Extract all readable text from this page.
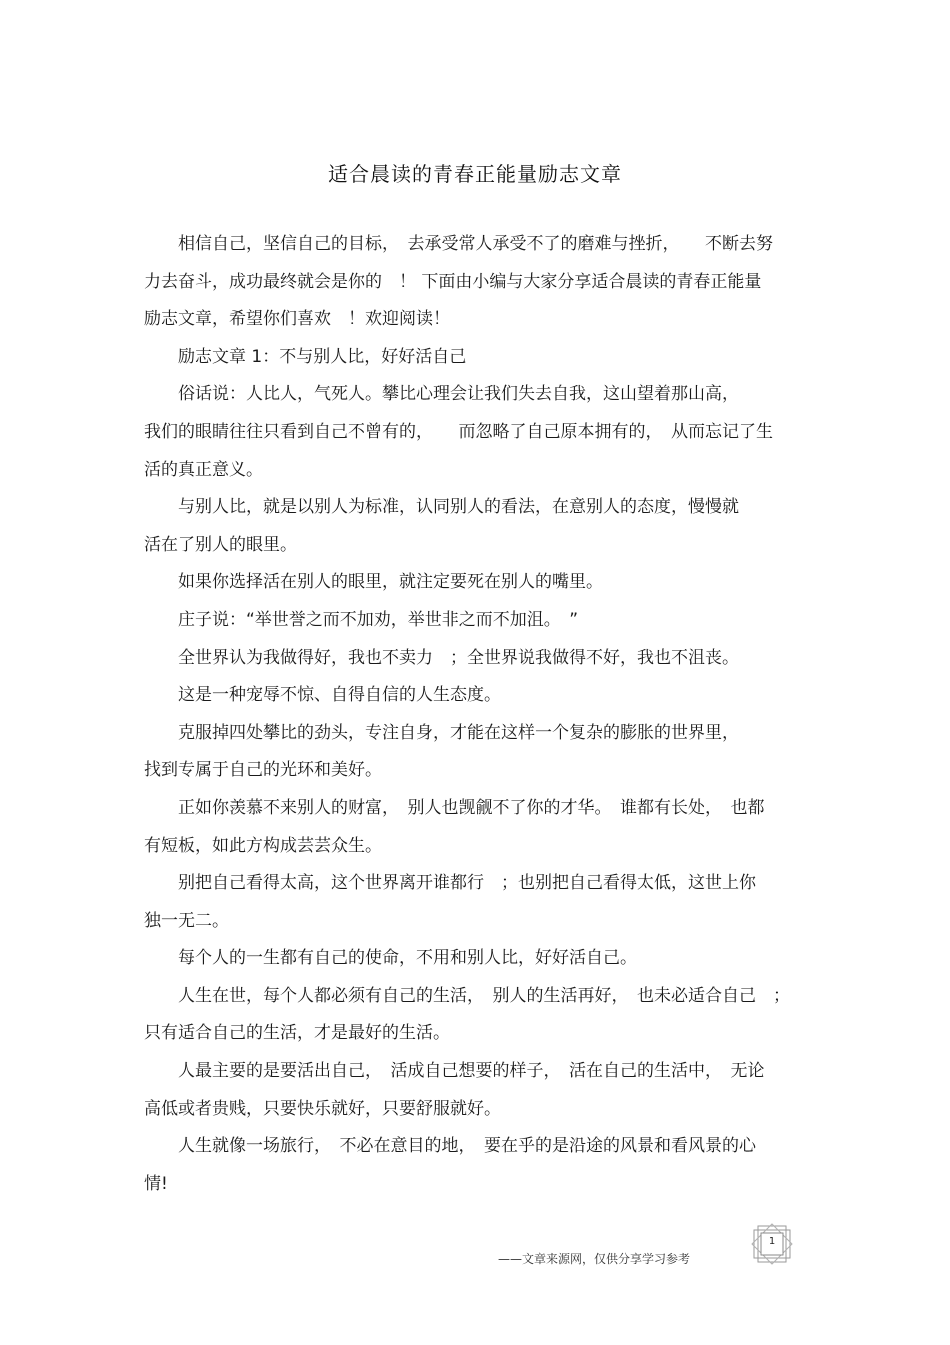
适合晨读的青春正能量励志文章

　　相信自己，坚信自己的目标，　去承受常人承受不了的磨难与挫折，　　不断去努
力去奋斗，成功最终就会是你的　！ 下面由小编与大家分享适合晨读的青春正能量
励志文章，希望你们喜欢　！欢迎阅读！

　　励志文章 1：不与别人比，好好活自己

　　俗话说：人比人，气死人。攀比心理会让我们失去自我，这山望着那山高，
我们的眼睛往往只看到自己不曾有的，　　而忽略了自己原本拥有的，　从而忘记了生
活的真正意义。

　　与别人比，就是以别人为标准，认同别人的看法，在意别人的态度，慢慢就
活在了别人的眼里。

　　如果你选择活在别人的眼里，就注定要死在别人的嘴里。

　　庄子说：“举世誉之而不加劝，举世非之而不加沮。　”

　　全世界认为我做得好，我也不卖力　；全世界说我做得不好，我也不沮丧。

　　这是一种宠辱不惊、自得自信的人生态度。

　　克服掉四处攀比的劲头，专注自身，才能在这样一个复杂的膨胀的世界里，
找到专属于自己的光环和美好。

　　正如你羡慕不来别人的财富，　别人也觊觎不了你的才华。　谁都有长处，　也都
有短板，如此方构成芸芸众生。

　　别把自己看得太高，这个世界离开谁都行　；也别把自己看得太低，这世上你
独一无二。

　　每个人的一生都有自己的使命，不用和别人比，好好活自己。

　　人生在世，每个人都必须有自己的生活，　别人的生活再好，　也未必适合自己　；
只有适合自己的生活，才是最好的生活。

　　人最主要的是要活出自己，　活成自己想要的样子，　活在自己的生活中，　无论
高低或者贵贱，只要快乐就好，只要舒服就好。

　　人生就像一场旅行，　不必在意目的地，　要在乎的是沿途的风景和看风景的心
情!

——文章来源网，仅供分享学习参考
1
